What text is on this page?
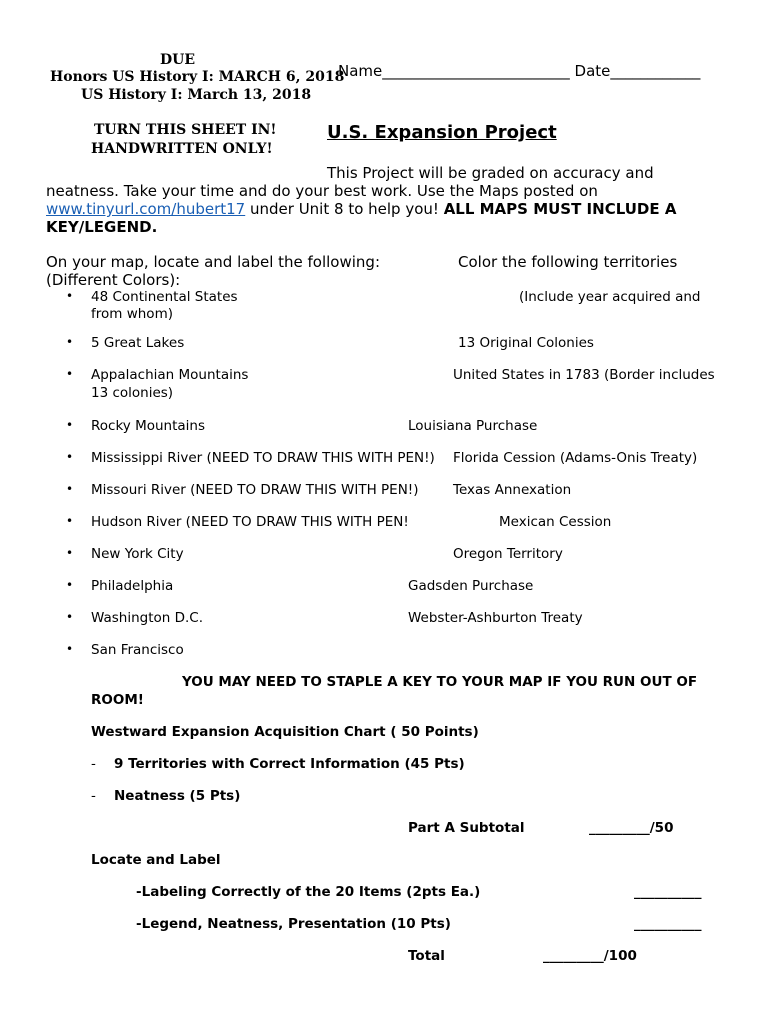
DUE
Honors US History I: MARCH 6, 2018
US History I: March 13, 2018
Name_________________________ Date____________
TURN THIS SHEET IN!
HANDWRITTEN ONLY!
U.S. Expansion Project
This Project will be graded on accuracy and
neatness. Take your time and do your best work. Use the Maps posted on
www.tinyurl.com/hubert17 under Unit 8 to help you! ALL MAPS MUST INCLUDE A
KEY/LEGEND.
On your map, locate and label the following:
(Different Colors):
Color the following territories
• 48 Continental States
from whom)
• 5 Great Lakes
• Appalachian Mountains
13 colonies)
• Rocky Mountains
• Mississippi River (NEED TO DRAW THIS WITH PEN!)
• Missouri River (NEED TO DRAW THIS WITH PEN!)
• Hudson River (NEED TO DRAW THIS WITH PEN!
• New York City
• Philadelphia
• Washington D.C.
• San Francisco
(Include year acquired and
13 Original Colonies
United States in 1783 (Border includes
Louisiana Purchase
Florida Cession (Adams-Onis Treaty)
Texas Annexation
Mexican Cession
Oregon Territory
Gadsden Purchase
Webster-Ashburton Treaty
YOU MAY NEED TO STAPLE A KEY TO YOUR MAP IF YOU RUN OUT OF
ROOM!
Westward Expansion Acquisition Chart ( 50 Points)
- 9 Territories with Correct Information (45 Pts)
- Neatness (5 Pts)
Part A Subtotal	_________/50
Locate and Label
-Labeling Correctly of the 20 Items (2pts Ea.)	__________
-Legend, Neatness, Presentation (10 Pts)	__________
Total	_________/100
